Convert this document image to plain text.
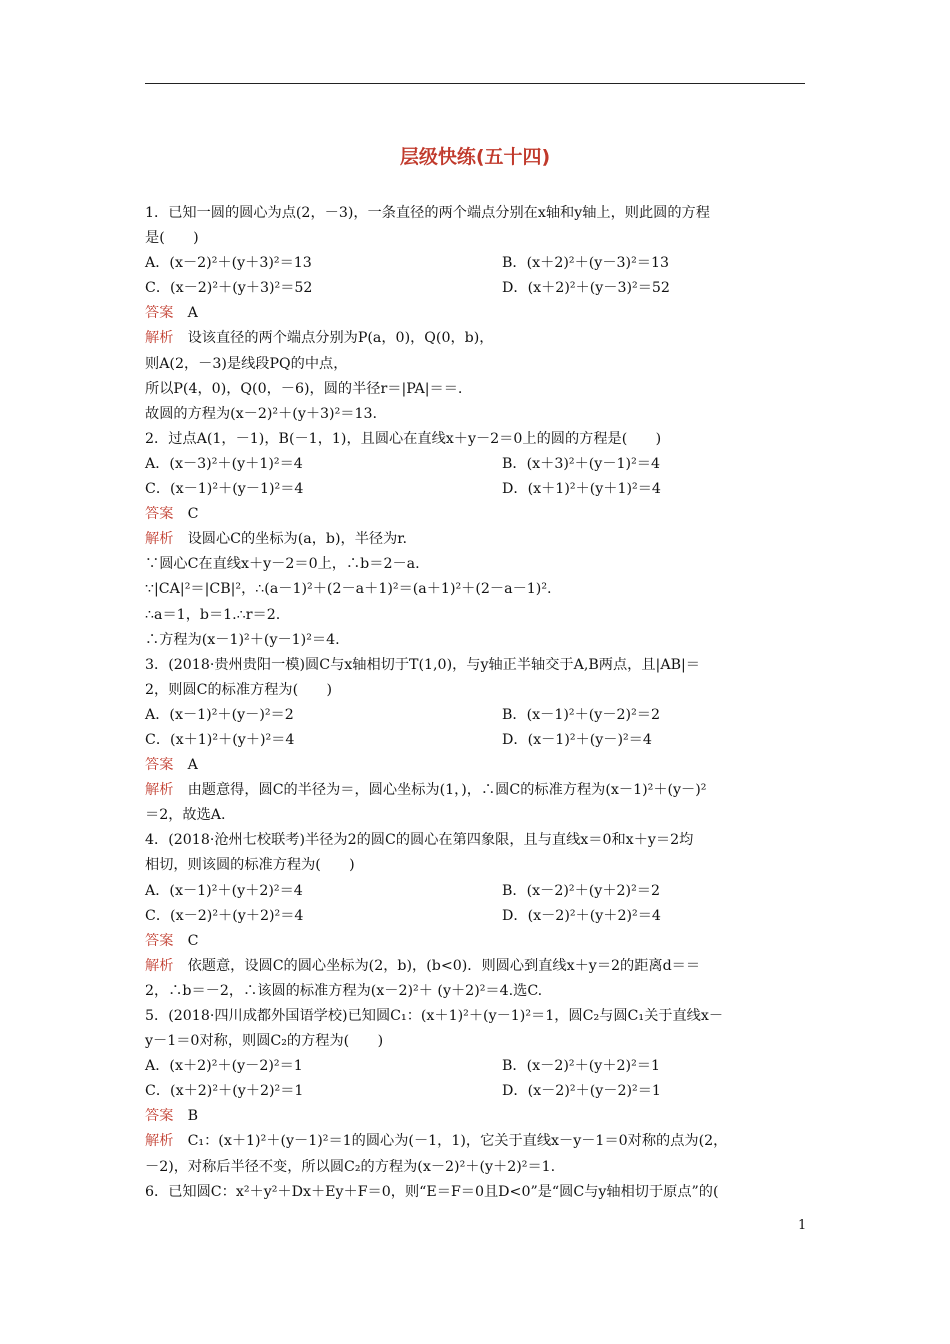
层级快练(五十四)
1．已知一圆的圆心为点(2，－3)，一条直径的两个端点分别在x轴和y轴上，则此圆的方程
是(　　)
A．(x－2)²＋(y＋3)²＝13	B．(x＋2)²＋(y－3)²＝13
C．(x－2)²＋(y＋3)²＝52	D．(x＋2)²＋(y－3)²＝52
答案　A
解析　设该直径的两个端点分别为P(a，0)，Q(0，b)，
则A(2，－3)是线段PQ的中点，
所以P(4，0)，Q(0，－6)，圆的半径r＝|PA|＝＝.
故圆的方程为(x－2)²＋(y＋3)²＝13.
2．过点A(1，－1)，B(－1，1)，且圆心在直线x＋y－2＝0上的圆的方程是(　　)
A．(x－3)²＋(y＋1)²＝4	B．(x＋3)²＋(y－1)²＝4
C．(x－1)²＋(y－1)²＝4	D．(x＋1)²＋(y＋1)²＝4
答案　C
解析　设圆心C的坐标为(a，b)，半径为r.
∵圆心C在直线x＋y－2＝0上，∴b＝2－a.
∵|CA|²＝|CB|²，∴(a－1)²＋(2－a＋1)²＝(a＋1)²＋(2－a－1)².
∴a＝1，b＝1.∴r＝2.
∴方程为(x－1)²＋(y－1)²＝4.
3．(2018·贵州贵阳一模)圆C与x轴相切于T(1,0)，与y轴正半轴交于A,B两点，且|AB|＝
2，则圆C的标准方程为(　　)
A．(x－1)²＋(y－)²＝2	B．(x－1)²＋(y－2)²＝2
C．(x＋1)²＋(y＋)²＝4	D．(x－1)²＋(y－)²＝4
答案　A
解析　由题意得，圆C的半径为＝，圆心坐标为(1，)，∴圆C的标准方程为(x－1)²＋(y－)²
＝2，故选A.
4．(2018·沧州七校联考)半径为2的圆C的圆心在第四象限，且与直线x＝0和x＋y＝2均
相切，则该圆的标准方程为(　　)
A．(x－1)²＋(y＋2)²＝4	B．(x－2)²＋(y＋2)²＝2
C．(x－2)²＋(y＋2)²＝4	D．(x－2)²＋(y＋2)²＝4
答案　C
解析　依题意，设圆C的圆心坐标为(2，b)，(b<0)．则圆心到直线x＋y＝2的距离d＝＝
2，∴b＝－2，∴该圆的标准方程为(x－2)²＋ (y＋2)²＝4.选C.
5．(2018·四川成都外国语学校)已知圆C₁：(x＋1)²＋(y－1)²＝1，圆C₂与圆C₁关于直线x－
y－1＝0对称，则圆C₂的方程为(　　)
A．(x＋2)²＋(y－2)²＝1	B．(x－2)²＋(y＋2)²＝1
C．(x＋2)²＋(y＋2)²＝1	D．(x－2)²＋(y－2)²＝1
答案　B
解析　C₁：(x＋1)²＋(y－1)²＝1的圆心为(－1，1)，它关于直线x－y－1＝0对称的点为(2，
－2)，对称后半径不变，所以圆C₂的方程为(x－2)²＋(y＋2)²＝1.
6．已知圆C：x²＋y²＋Dx＋Ey＋F＝0，则“E＝F＝0且D<0”是“圆C与y轴相切于原点”的(
1
